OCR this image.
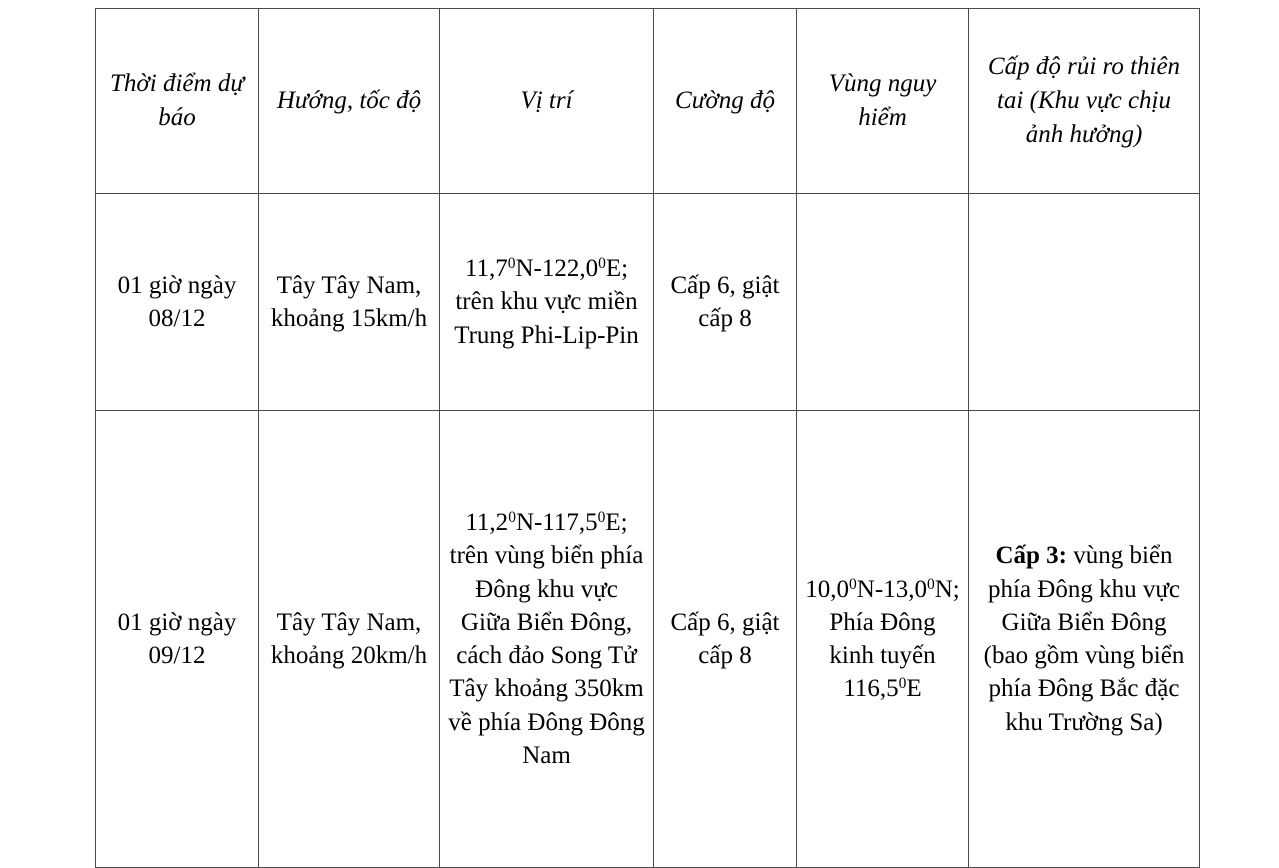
Thời điểm dự báo	Hướng, tốc độ	Vị trí	Cường độ	Vùng nguy hiểm	Cấp độ rủi ro thiên tai (Khu vực chịu ảnh hưởng)
01 giờ ngày 08/12	Tây Tây Nam, khoảng 15km/h	11,7$^0$N-122,0$^0$E; trên khu vực miền Trung Phi-Lip-Pin	Cấp 6, giật cấp 8		
01 giờ ngày 09/12	Tây Tây Nam, khoảng 20km/h	11,2$^0$N-117,5$^0$E; trên vùng biển phía Đông khu vực Giữa Biển Đông, cách đảo Song Tử Tây khoảng 350km về phía Đông Đông Nam	Cấp 6, giật cấp 8	10,0$^0$N-13,0$^0$N; Phía Đông kinh tuyến 116,5$^0$E	Cấp 3: vùng biển phía Đông khu vực Giữa Biển Đông (bao gồm vùng biển phía Đông Bắc đặc khu Trường Sa)
